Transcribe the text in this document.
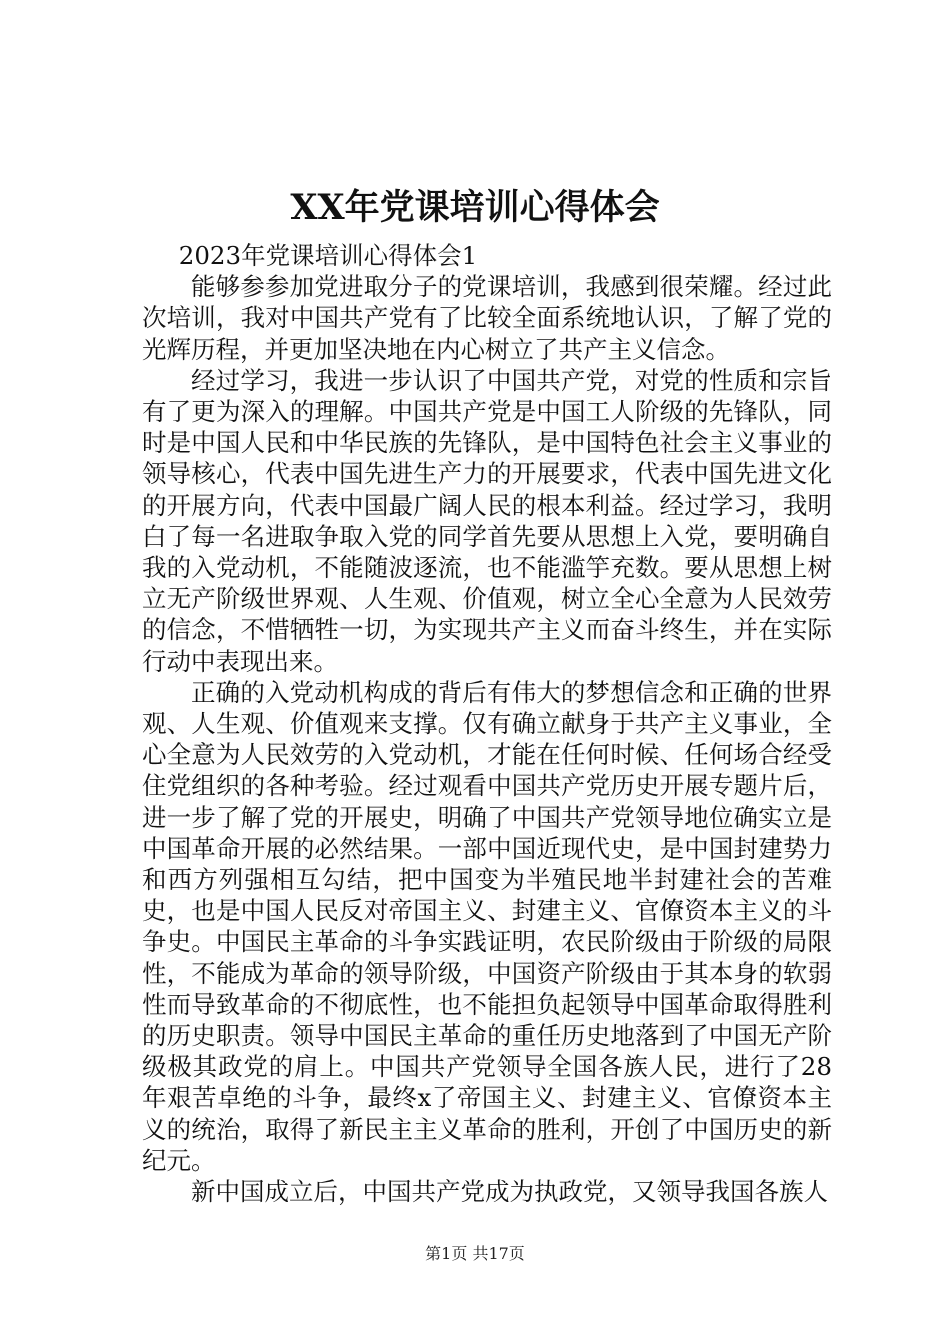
XX年党课培训心得体会

2023年党课培训心得体会1

能够参参加党进取分子的党课培训，我感到很荣耀。经过此次培训，我对中国共产党有了比较全面系统地认识，了解了党的光辉历程，并更加坚决地在内心树立了共产主义信念。

经过学习，我进一步认识了中国共产党，对党的性质和宗旨有了更为深入的理解。中国共产党是中国工人阶级的先锋队，同时是中国人民和中华民族的先锋队，是中国特色社会主义事业的领导核心，代表中国先进生产力的开展要求，代表中国先进文化的开展方向，代表中国最广阔人民的根本利益。经过学习，我明白了每一名进取争取入党的同学首先要从思想上入党，要明确自我的入党动机，不能随波逐流，也不能滥竽充数。要从思想上树立无产阶级世界观、人生观、价值观，树立全心全意为人民效劳的信念，不惜牺牲一切，为实现共产主义而奋斗终生，并在实际行动中表现出来。

正确的入党动机构成的背后有伟大的梦想信念和正确的世界观、人生观、价值观来支撑。仅有确立献身于共产主义事业，全心全意为人民效劳的入党动机，才能在任何时候、任何场合经受住党组织的各种考验。经过观看中国共产党历史开展专题片后，进一步了解了党的开展史，明确了中国共产党领导地位确实立是中国革命开展的必然结果。一部中国近现代史，是中国封建势力和西方列强相互勾结，把中国变为半殖民地半封建社会的苦难史，也是中国人民反对帝国主义、封建主义、官僚资本主义的斗争史。中国民主革命的斗争实践证明，农民阶级由于阶级的局限性，不能成为革命的领导阶级，中国资产阶级由于其本身的软弱性而导致革命的不彻底性，也不能担负起领导中国革命取得胜利的历史职责。领导中国民主革命的重任历史地落到了中国无产阶级极其政党的肩上。中国共产党领导全国各族人民，进行了28年艰苦卓绝的斗争，最终x了帝国主义、封建主义、官僚资本主义的统治，取得了新民主主义革命的胜利，开创了中国历史的新纪元。

新中国成立后，中国共产党成为执政党，又领导我国各族人

第1页 共17页
